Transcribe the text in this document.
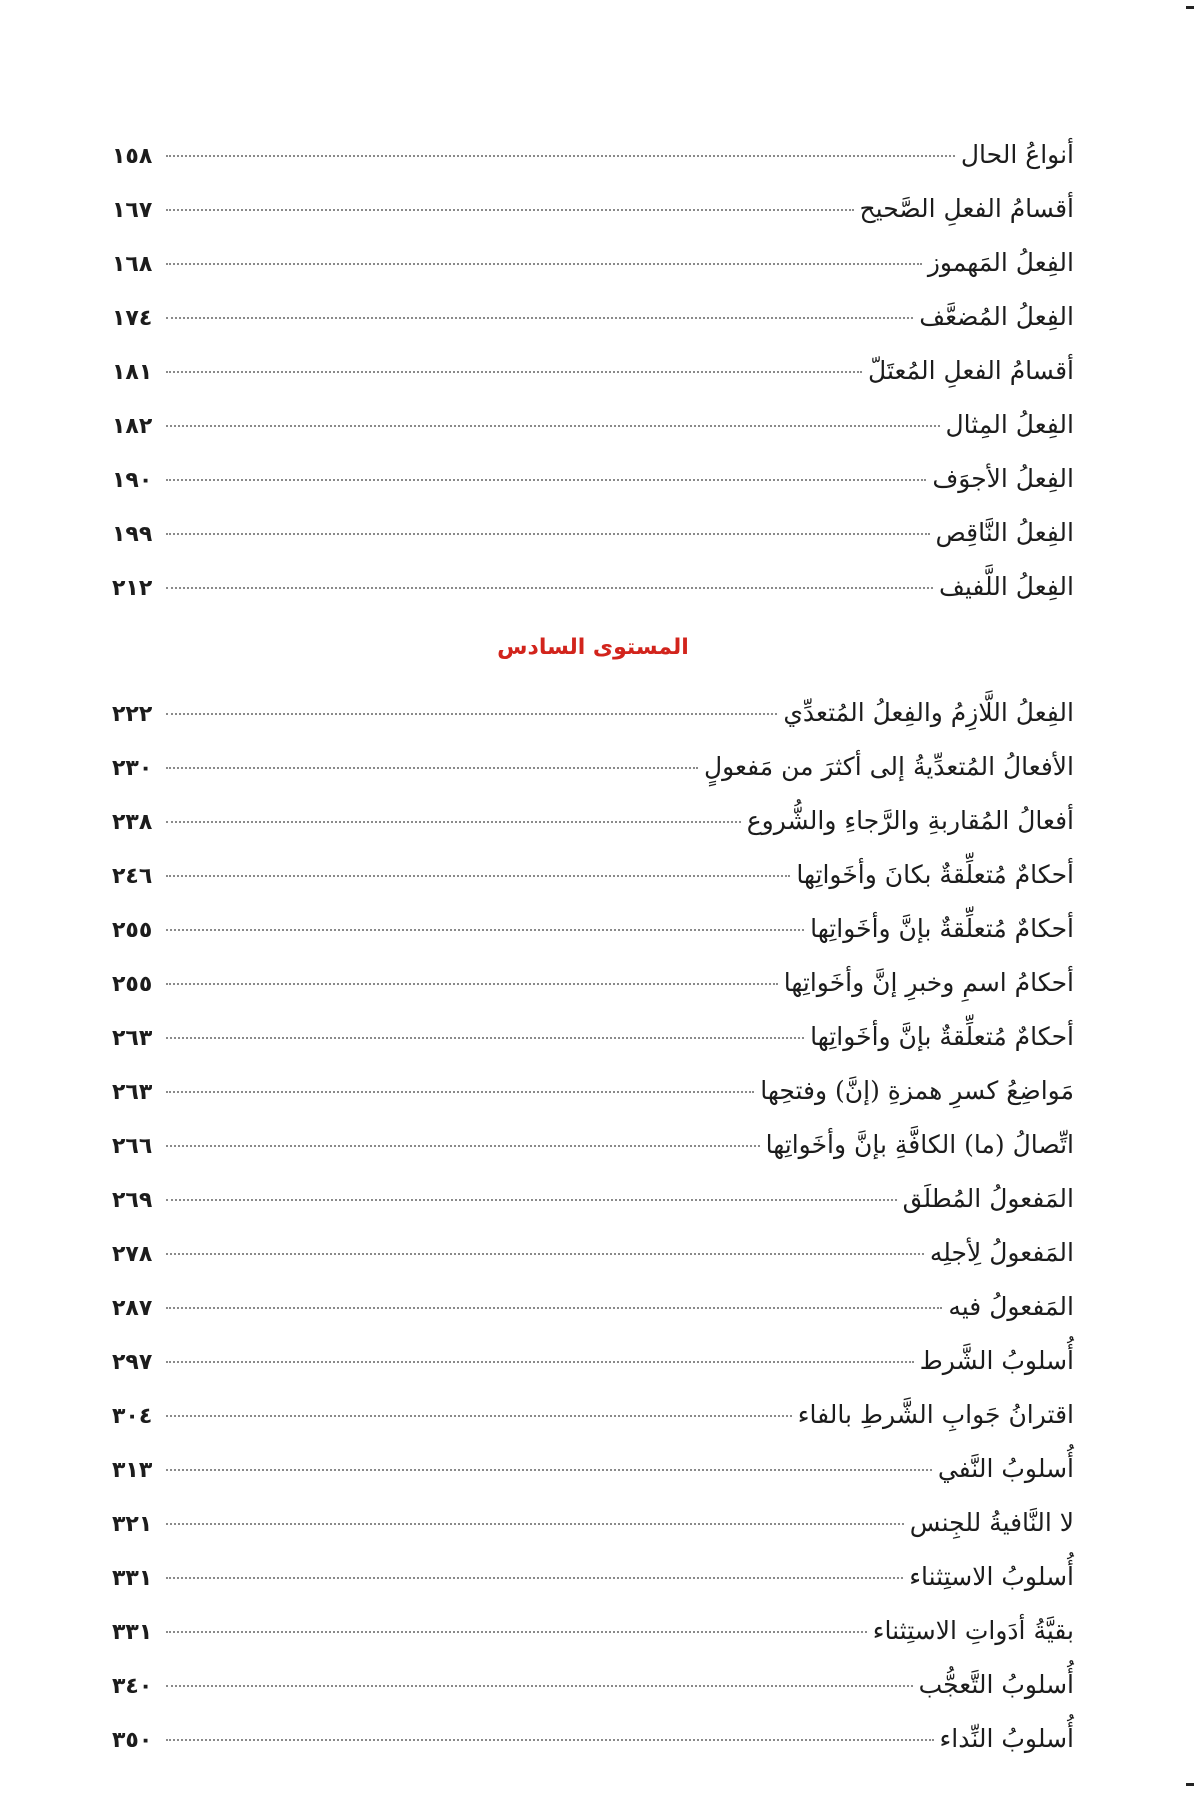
أنواعُ الحال
١٥٨
أقسامُ الفعلِ الصَّحيح
١٦٧
الفِعلُ المَهموز
١٦٨
الفِعلُ المُضعَّف
١٧٤
أقسامُ الفعلِ المُعتَلّ
١٨١
الفِعلُ المِثال
١٨٢
الفِعلُ الأجوَف
١٩٠
الفِعلُ النَّاقِص
١٩٩
الفِعلُ اللَّفيف
٢١٢
المستوى السادس
الفِعلُ اللَّازِمُ والفِعلُ المُتعدِّي
٢٢٢
الأفعالُ المُتعدِّيةُ إلى أكثرَ من مَفعولٍ
٢٣٠
أفعالُ المُقاربةِ والرَّجاءِ والشُّروع
٢٣٨
أحكامٌ مُتعلِّقةٌ بكانَ وأخَواتِها
٢٤٦
أحكامٌ مُتعلِّقةٌ بإنَّ وأخَواتِها
٢٥٥
أحكامُ اسمِ وخبرِ إنَّ وأخَواتِها
٢٥٥
أحكامٌ مُتعلِّقةٌ بإنَّ وأخَواتِها
٢٦٣
مَواضِعُ كسرِ همزةِ (إنَّ) وفتحِها
٢٦٣
اتِّصالُ (ما) الكافَّةِ بإنَّ وأخَواتِها
٢٦٦
المَفعولُ المُطلَق
٢٦٩
المَفعولُ لِأجلِه
٢٧٨
المَفعولُ فيه
٢٨٧
أُسلوبُ الشَّرط
٢٩٧
اقترانُ جَوابِ الشَّرطِ بالفاء
٣٠٤
أُسلوبُ النَّفي
٣١٣
لا النَّافيةُ للجِنس
٣٢١
أُسلوبُ الاستِثناء
٣٣١
بقيَّةُ أدَواتِ الاستِثناء
٣٣١
أُسلوبُ التَّعجُّب
٣٤٠
أُسلوبُ النِّداء
٣٥٠
